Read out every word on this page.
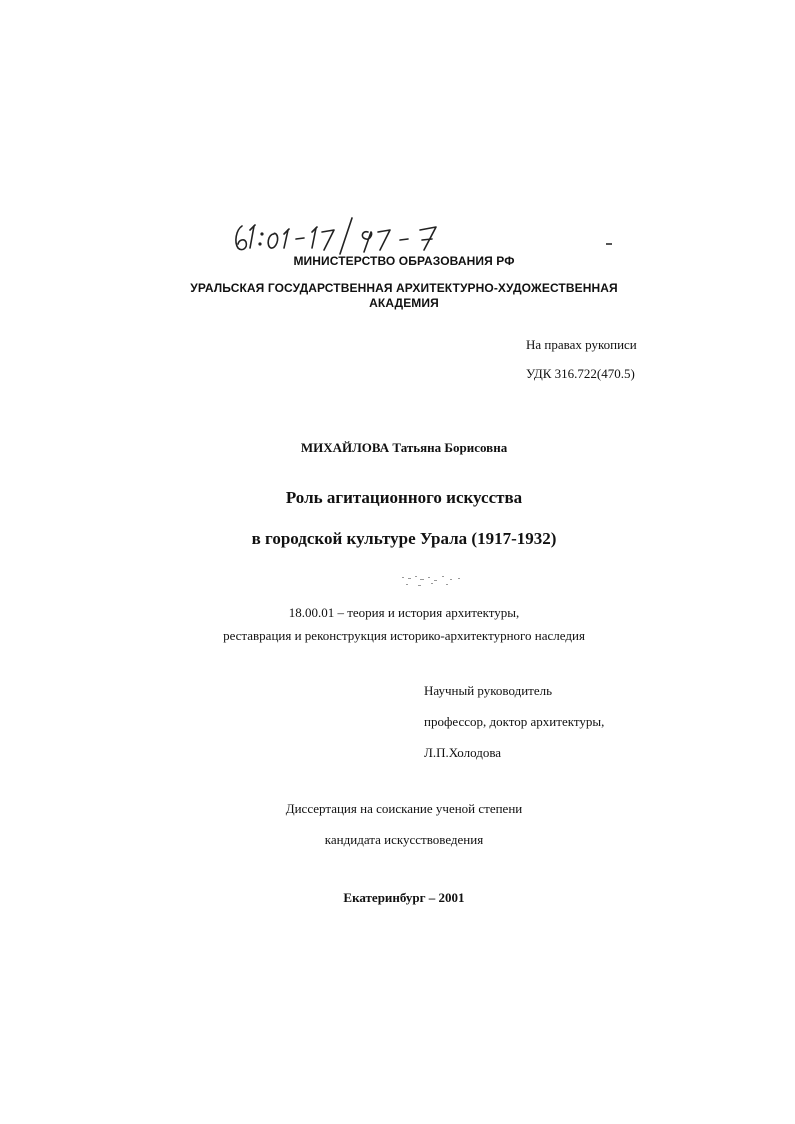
МИНИСТЕРСТВО ОБРАЗОВАНИЯ РФ
УРАЛЬСКАЯ ГОСУДАРСТВЕННАЯ АРХИТЕКТУРНО-ХУДОЖЕСТВЕННАЯ
АКАДЕМИЯ
На правах рукописи
УДК 316.722(470.5)
МИХАЙЛОВА Татьяна Борисовна
Роль агитационного искусства
в городской культуре Урала (1917-1932)
18.00.01 – теория и история архитектуры,
реставрация и реконструкция историко-архитектурного наследия
Научный руководитель
профессор, доктор архитектуры,
Л.П.Холодова
Диссертация на соискание ученой степени
кандидата искусствоведения
Екатеринбург – 2001
